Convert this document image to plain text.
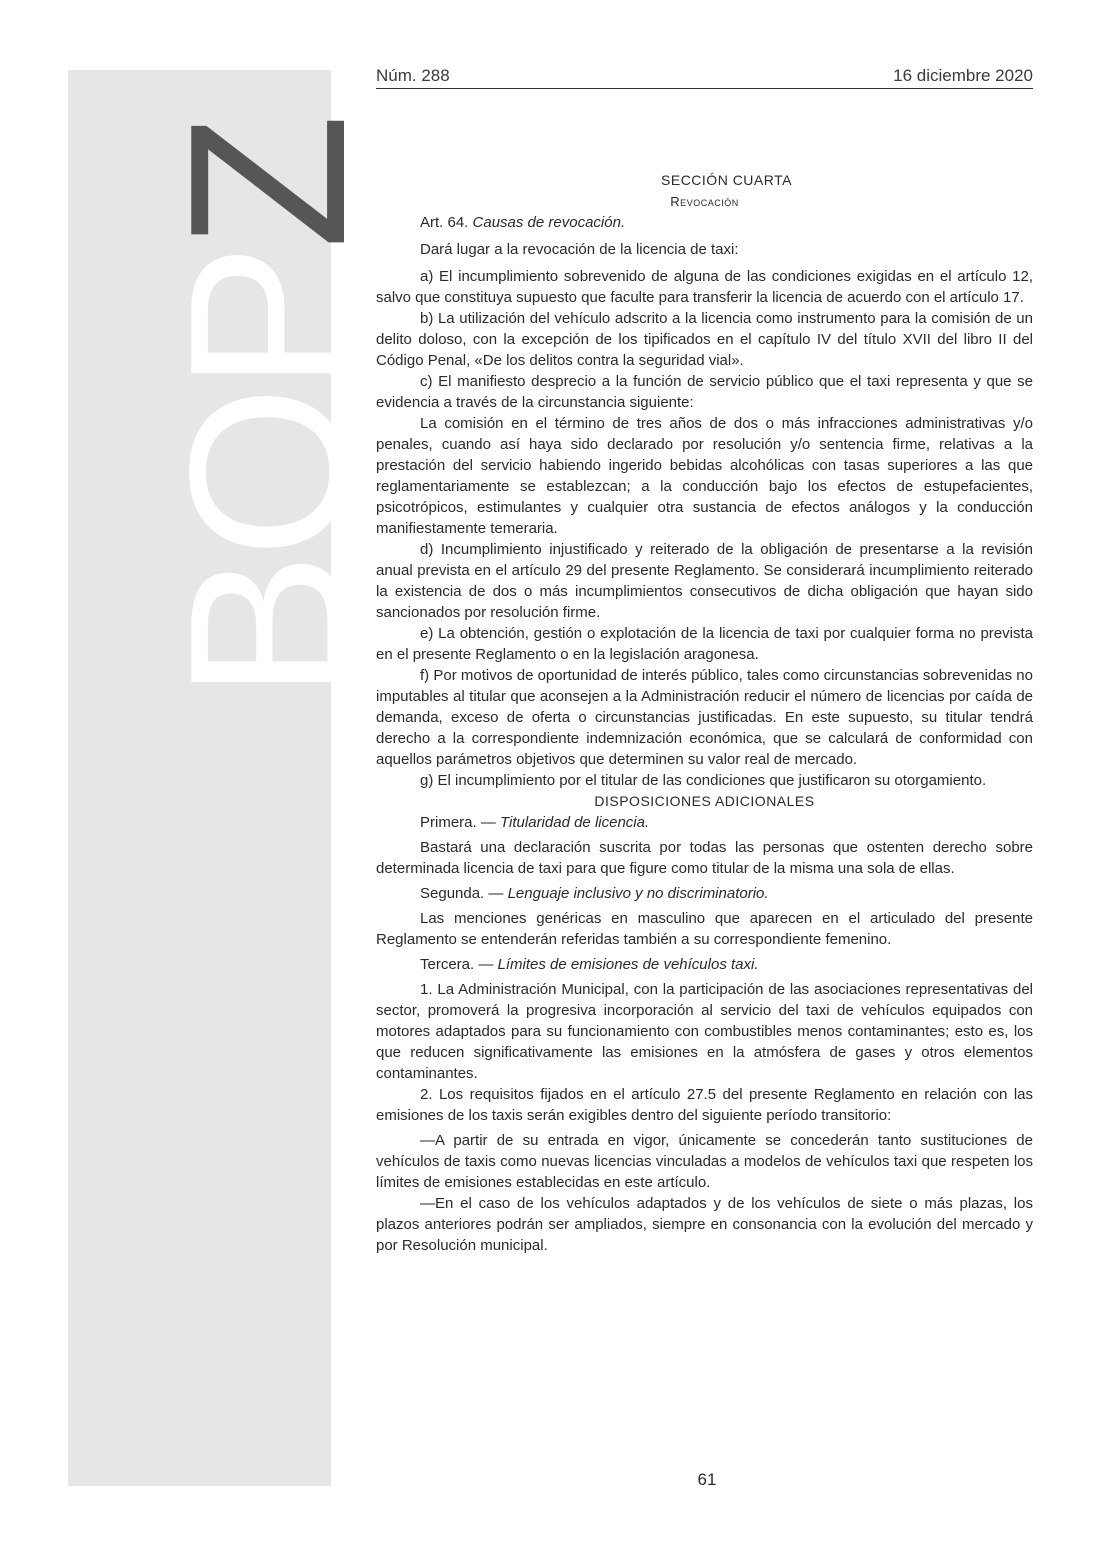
BOPZ
Núm. 288	16 diciembre 2020

SECCIÓN CUARTA

Revocación

Art. 64. Causas de revocación.

Dará lugar a la revocación de la licencia de taxi:

a) El incumplimiento sobrevenido de alguna de las condiciones exigidas en el artículo 12, salvo que constituya supuesto que faculte para transferir la licencia de acuerdo con el artículo 17.

b) La utilización del vehículo adscrito a la licencia como instrumento para la comisión de un delito doloso, con la excepción de los tipificados en el capítulo IV del título XVII del libro II del Código Penal, «De los delitos contra la seguridad vial».

c) El manifiesto desprecio a la función de servicio público que el taxi representa y que se evidencia a través de la circunstancia siguiente:

La comisión en el término de tres años de dos o más infracciones administrativas y/o penales, cuando así haya sido declarado por resolución y/o sentencia firme, relativas a la prestación del servicio habiendo ingerido bebidas alcohólicas con tasas superiores a las que reglamentariamente se establezcan; a la conducción bajo los efectos de estupefacientes, psicotrópicos, estimulantes y cualquier otra sustancia de efectos análogos y la conducción manifiestamente temeraria.

d) Incumplimiento injustificado y reiterado de la obligación de presentarse a la revisión anual prevista en el artículo 29 del presente Reglamento. Se considerará incumplimiento reiterado la existencia de dos o más incumplimientos consecutivos de dicha obligación que hayan sido sancionados por resolución firme.

e) La obtención, gestión o explotación de la licencia de taxi por cualquier forma no prevista en el presente Reglamento o en la legislación aragonesa.

f) Por motivos de oportunidad de interés público, tales como circunstancias sobrevenidas no imputables al titular que aconsejen a la Administración reducir el número de licencias por caída de demanda, exceso de oferta o circunstancias justificadas. En este supuesto, su titular tendrá derecho a la correspondiente indemnización económica, que se calculará de conformidad con aquellos parámetros objetivos que determinen su valor real de mercado.

g) El incumplimiento por el titular de las condiciones que justificaron su otorgamiento.

DISPOSICIONES ADICIONALES

Primera. — Titularidad de licencia.

Bastará una declaración suscrita por todas las personas que ostenten derecho sobre determinada licencia de taxi para que figure como titular de la misma una sola de ellas.

Segunda. — Lenguaje inclusivo y no discriminatorio.

Las menciones genéricas en masculino que aparecen en el articulado del presente Reglamento se entenderán referidas también a su correspondiente femenino.

Tercera. — Límites de emisiones de vehículos taxi.

1. La Administración Municipal, con la participación de las asociaciones representativas del sector, promoverá la progresiva incorporación al servicio del taxi de vehículos equipados con motores adaptados para su funcionamiento con combustibles menos contaminantes; esto es, los que reducen significativamente las emisiones en la atmósfera de gases y otros elementos contaminantes.

2. Los requisitos fijados en el artículo 27.5 del presente Reglamento en relación con las emisiones de los taxis serán exigibles dentro del siguiente período transitorio:

—A partir de su entrada en vigor, únicamente se concederán tanto sustituciones de vehículos de taxis como nuevas licencias vinculadas a modelos de vehículos taxi que respeten los límites de emisiones establecidas en este artículo.

—En el caso de los vehículos adaptados y de los vehículos de siete o más plazas, los plazos anteriores podrán ser ampliados, siempre en consonancia con la evolución del mercado y por Resolución municipal.

61
